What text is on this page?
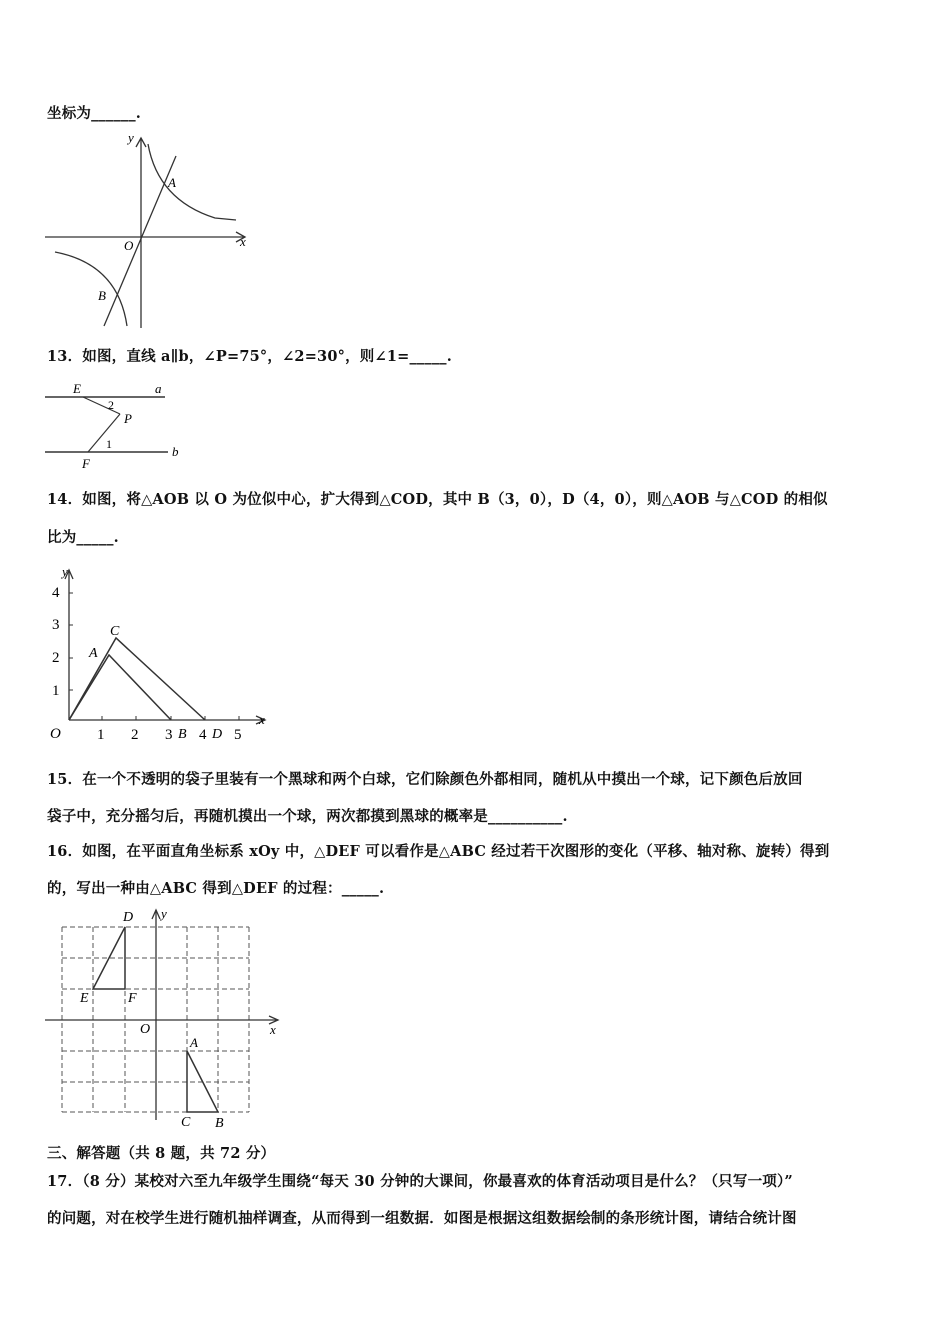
坐标为______.
y
x
O
A
B
13．如图，直线 a∥b，∠P=75°，∠2=30°，则∠1=_____.
E	a
2
P
1	b
F
14．如图，将△AOB 以 O 为位似中心，扩大得到△COD，其中 B（3，0），D（4，0），则△AOB 与△COD 的相似
比为_____.
y
x
O
4
3
2
1
1 2 3 4 5
A
C
B D
15．在一个不透明的袋子里装有一个黑球和两个白球，它们除颜色外都相同，随机从中摸出一个球，记下颜色后放回
袋子中，充分摇匀后，再随机摸出一个球，两次都摸到黑球的概率是__________.
16．如图，在平面直角坐标系 xOy 中，△DEF 可以看作是△ABC 经过若干次图形的变化（平移、轴对称、旋转）得到
的，写出一种由△ABC 得到△DEF 的过程：_____.
D y
E	F
O	x
A
C B
三、解答题（共 8 题，共 72 分）
17．（8 分）某校对六至九年级学生围绕“每天 30 分钟的大课间，你最喜欢的体育活动项目是什么？（只写一项）”
的问题，对在校学生进行随机抽样调查，从而得到一组数据．如图是根据这组数据绘制的条形统计图，请结合统计图
